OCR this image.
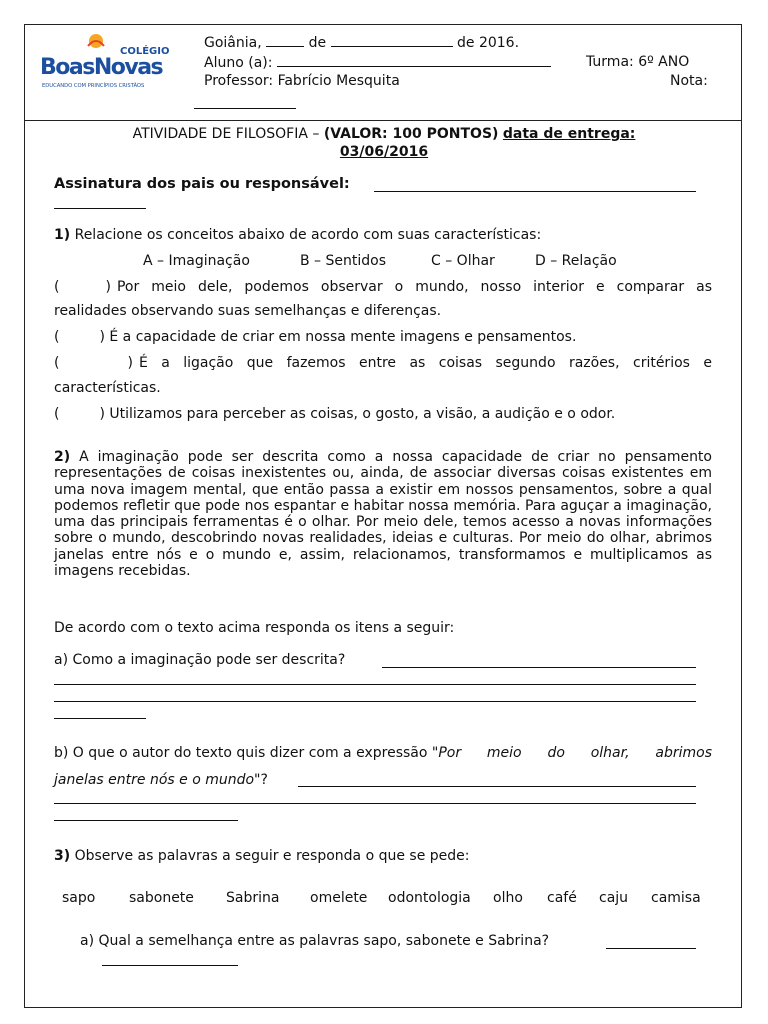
COLÉGIO
BoasNovas
EDUCANDO COM PRINCÍPIOS CRISTÃOS
Goiânia,	de	de 2016.
Aluno (a):	Turma: 6º ANO
Professor: Fabrício Mesquita	Nota:
ATIVIDADE DE FILOSOFIA – (VALOR: 100 PONTOS) data de entrega:
03/06/2016
Assinatura dos pais ou responsável:
1) Relacione os conceitos abaixo de acordo com suas características:
A – Imaginação	B – Sentidos	C – Olhar	D – Relação
(	) Por meio dele, podemos observar o mundo, nosso interior e comparar as
realidades observando suas semelhanças e diferenças.
(	) É a capacidade de criar em nossa mente imagens e pensamentos.
(	) É a ligação que fazemos entre as coisas segundo razões, critérios e
características.
(	) Utilizamos para perceber as coisas, o gosto, a visão, a audição e o odor.
2) A imaginação pode ser descrita como a nossa capacidade de criar no pensamento representações de coisas inexistentes ou, ainda, de associar diversas coisas existentes em uma nova imagem mental, que então passa a existir em nossos pensamentos, sobre a qual podemos refletir que pode nos espantar e habitar nossa memória. Para aguçar a imaginação, uma das principais ferramentas é o olhar. Por meio dele, temos acesso a novas informações sobre o mundo, descobrindo novas realidades, ideias e culturas. Por meio do olhar, abrimos janelas entre nós e o mundo e, assim, relacionamos, transformamos e multiplicamos as imagens recebidas.
De acordo com o texto acima responda os itens a seguir:
a) Como a imaginação pode ser descrita?
b) O que o autor do texto quis dizer com a expressão "Por meio do olhar, abrimos
janelas entre nós e o mundo"?
3) Observe as palavras a seguir e responda o que se pede:
sapo sabonete Sabrina omelete odontologia olho café caju camisa
a) Qual a semelhança entre as palavras sapo, sabonete e Sabrina?
